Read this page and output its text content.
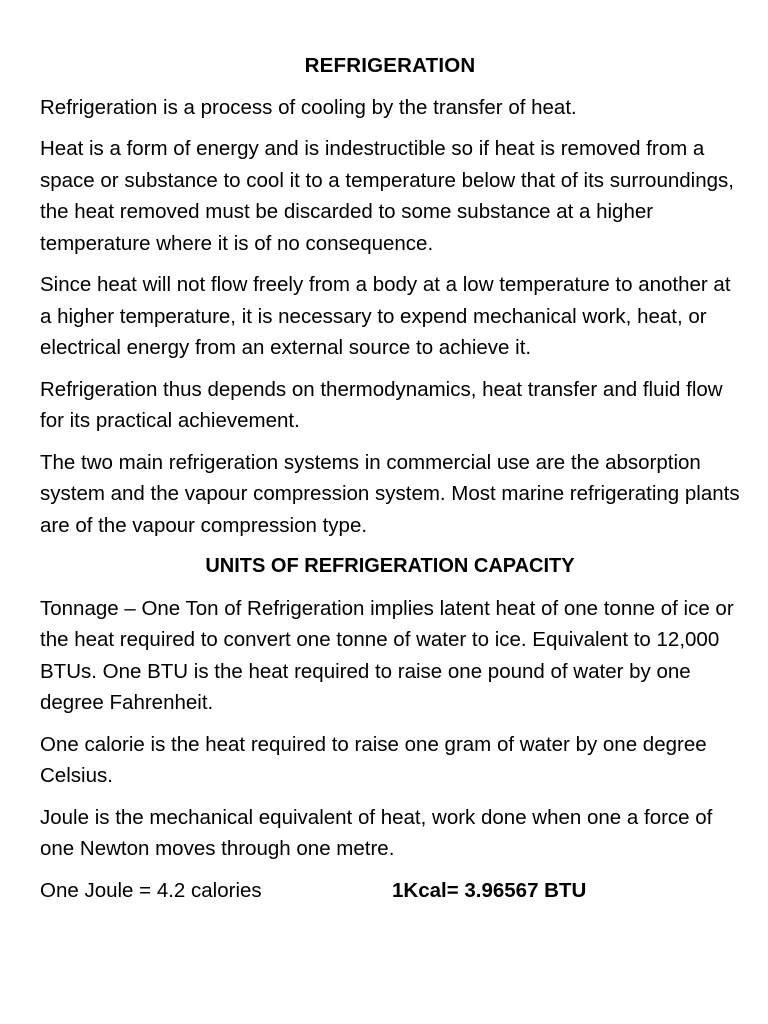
REFRIGERATION
Refrigeration is a process of cooling by the transfer of heat.
Heat is a form of energy and is indestructible so if heat is removed from a space or substance to cool it to a temperature below that of its surroundings, the heat removed must be discarded to some substance at a higher temperature where it is of no consequence.
Since heat will not flow freely from a body at a low temperature to another at a higher temperature, it is necessary to expend mechanical work, heat, or electrical energy from an external source to achieve it.
Refrigeration thus depends on thermodynamics, heat transfer and fluid flow for its practical achievement.
The two main refrigeration systems in commercial use are the absorption system and the vapour compression system. Most marine refrigerating plants are of the vapour compression type.
UNITS OF REFRIGERATION CAPACITY
Tonnage – One Ton of Refrigeration implies latent heat of one tonne of ice or the heat required to convert one tonne of water to ice. Equivalent to 12,000 BTUs. One BTU is the heat required to raise one pound of water by one degree Fahrenheit.
One calorie is the heat required to raise one gram of water by one degree Celsius.
Joule is the mechanical equivalent of heat, work done when one a force of one Newton moves through one metre.
One Joule = 4.2 calories	1Kcal= 3.96567 BTU
